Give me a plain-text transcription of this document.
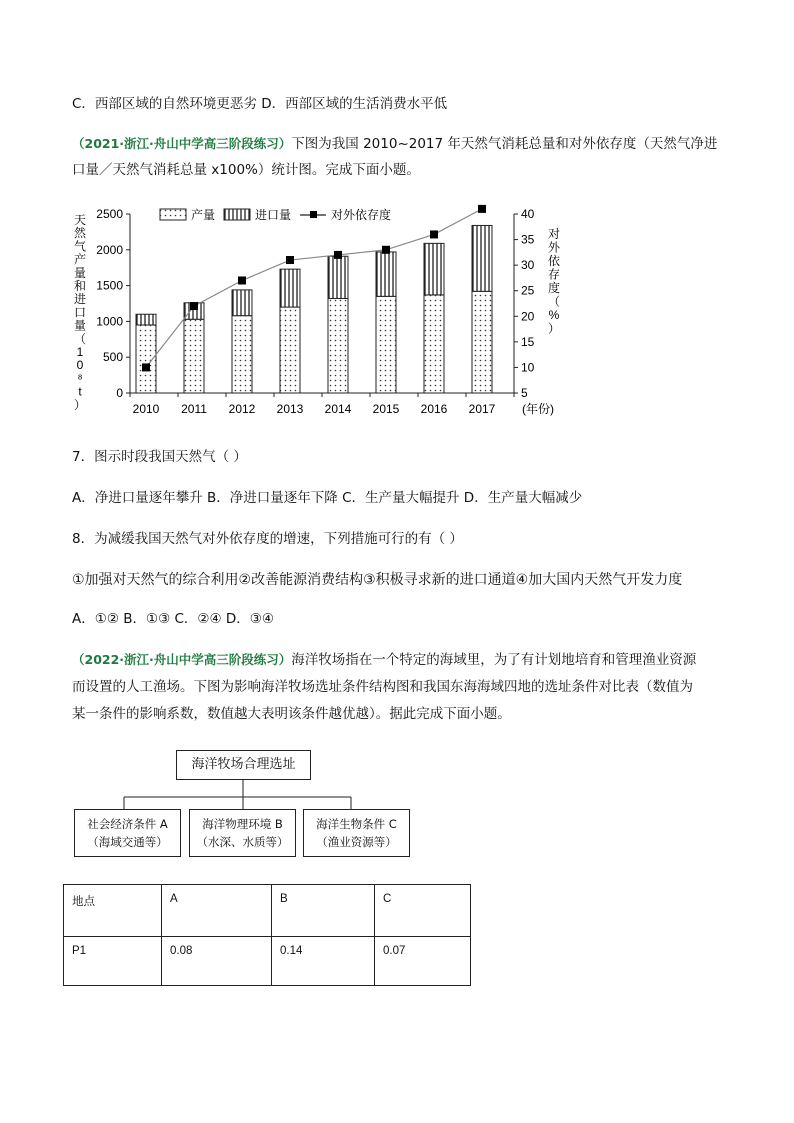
C．西部区域的自然环境更恶劣 D．西部区域的生活消费水平低
（2021·浙江·舟山中学高三阶段练习）下图为我国 2010~2017 年天然气消耗总量和对外依存度（天然气净进
口量／天然气消耗总量 x100%）统计图。完成下面小题。
0
500
1000
1500
2000
2500
5
10
15
20
25
30
35
40
2010 2011 2012 2013 2014 2015 2016 2017 (年份)
天
然
气
产
量
和
进
口
量
（
1
0
⁸
t
）
对
外
依
存
度
（
%
）
产量	进口量	对外依存度
7．图示时段我国天然气（ ）
A．净进口量逐年攀升 B．净进口量逐年下降 C．生产量大幅提升 D．生产量大幅减少
8．为减缓我国天然气对外依存度的增速，下列措施可行的有（ ）
①加强对天然气的综合利用②改善能源消费结构③积极寻求新的进口通道④加大国内天然气开发力度
A．①② B．①③ C．②④ D．③④
（2022·浙江·舟山中学高三阶段练习）海洋牧场指在一个特定的海域里，为了有计划地培育和管理渔业资源
而设置的人工渔场。下图为影响海洋牧场选址条件结构图和我国东海海域四地的选址条件对比表（数值为
某一条件的影响系数，数值越大表明该条件越优越）。据此完成下面小题。
海洋牧场合理选址
社会经济条件 A
（海域交通等）
海洋物理环境 B
（水深、水质等）
海洋生物条件 C
（渔业资源等）
地点	A	B	C
P1	0.08	0.14	0.07
